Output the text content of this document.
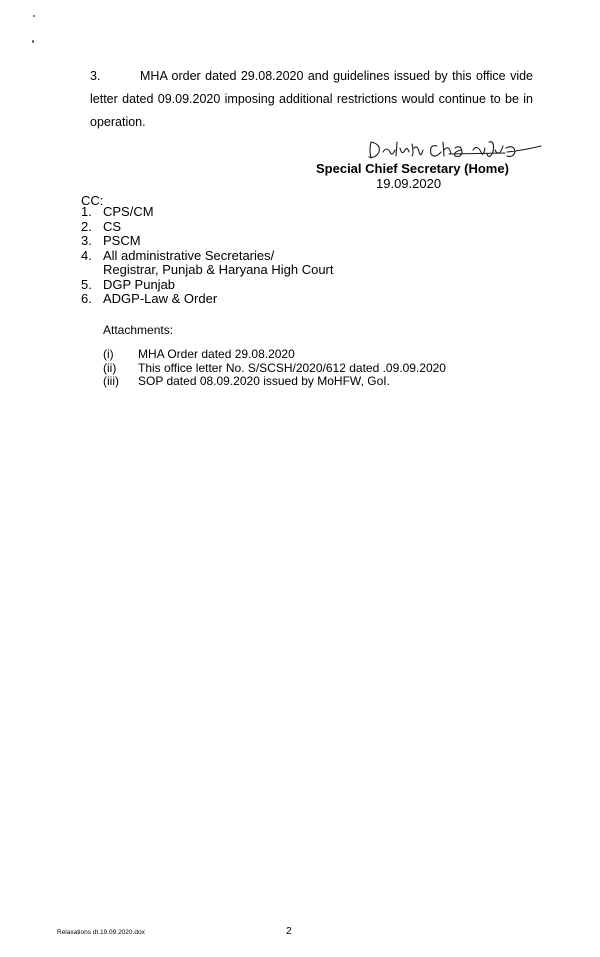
3.	MHA order dated 29.08.2020 and guidelines issued by this office vide letter dated 09.09.2020 imposing additional restrictions would continue to be in operation.
Special Chief Secretary (Home)
19.09.2020
CC:
1. CPS/CM
2. CS
3. PSCM
4. All administrative Secretaries/
Registrar, Punjab & Haryana High Court
5. DGP Punjab
6. ADGP-Law & Order
Attachments:
(i)	MHA Order dated 29.08.2020
(ii)	This office letter No. S/SCSH/2020/612 dated .09.09.2020
(iii)	SOP dated 08.09.2020 issued by MoHFW, GoI.
Relaxations dt.19.09.2020.dox	2
